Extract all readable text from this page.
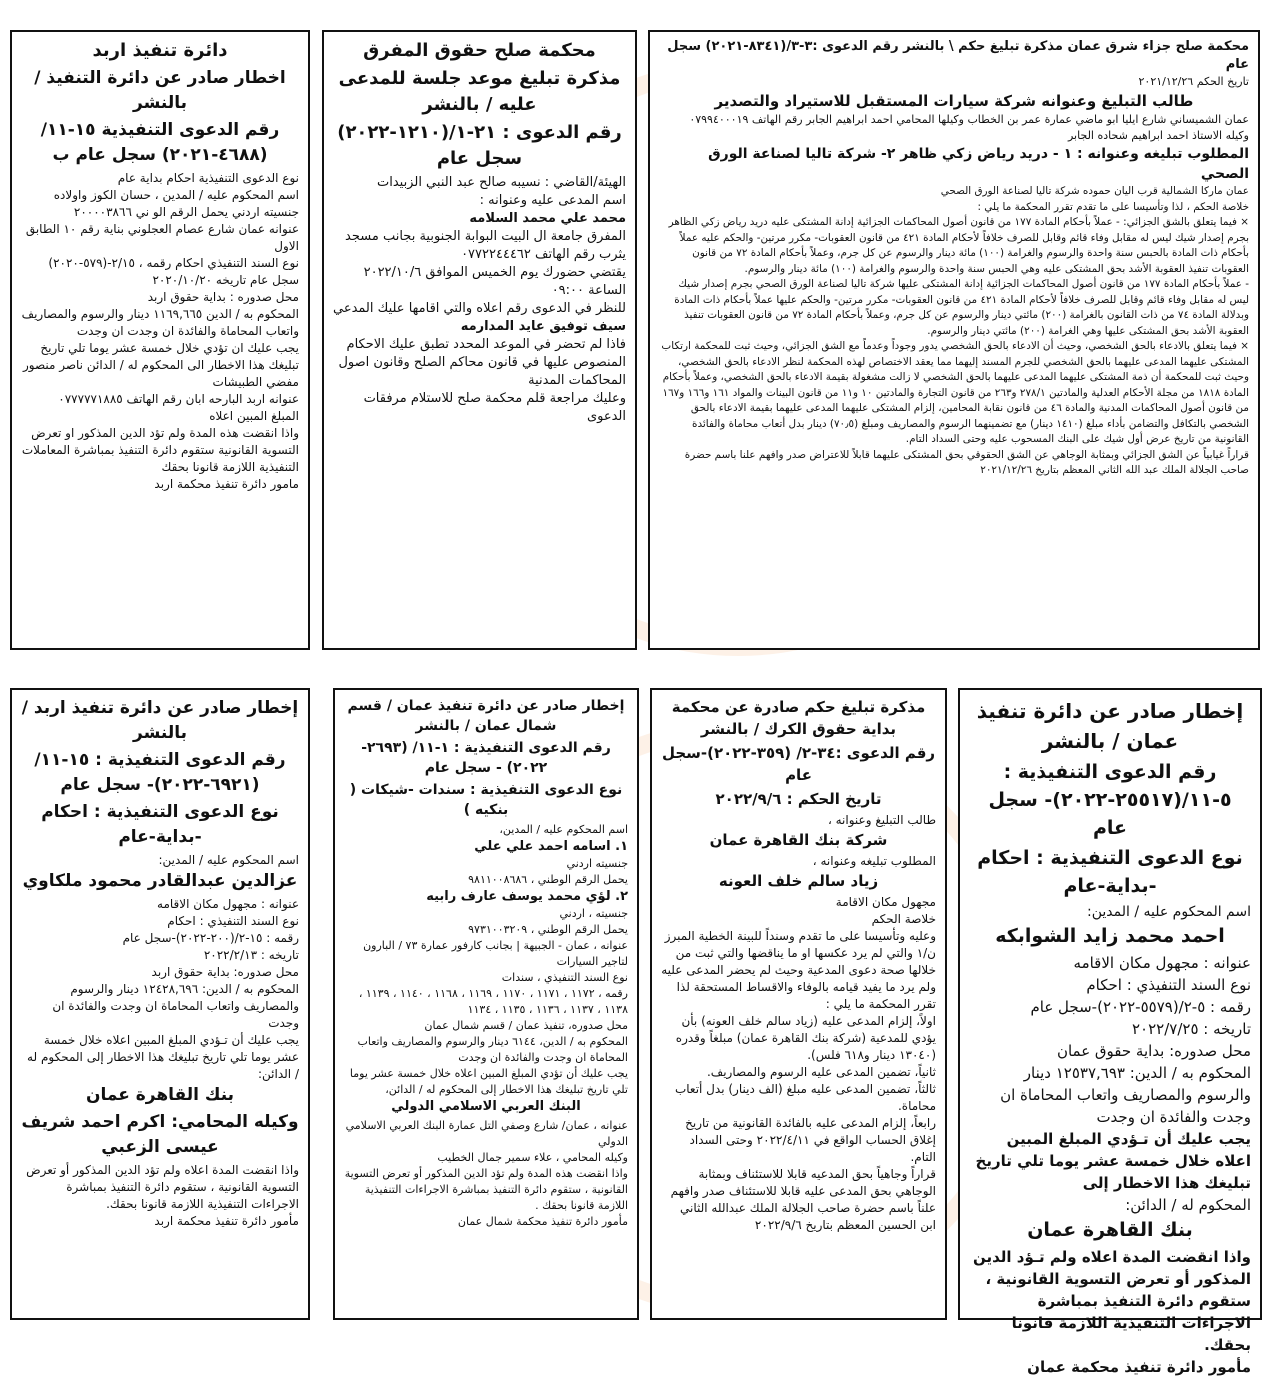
محكمة صلح جزاء شرق عمان مذكرة تبليغ حكم \ بالنشر رقم الدعوى :٣-٣/(٨٣٤١-٢٠٢١) سجل عام

تاريخ الحكم ٢٠٢١/١٢/٢٦

طالب التبليغ وعنوانه شركة سيارات المستقبل للاستيراد والتصدير

عمان الشميساني شارع ايليا ابو ماضي عمارة عمر بن الخطاب وكيلها المحامي احمد ابراهيم الجابر رقم الهاتف ٠٧٩٩٤٠٠٠١٩

وكيله الاستاذ احمد ابراهيم شحاده الجابر

المطلوب تبليغه وعنوانه : ١ - دريد رياض زكي ظاهر ٢- شركة تاليا لصناعة الورق الصحي

عمان ماركا الشمالية قرب اليان حموده شركة تاليا لصناعة الورق الصحي

خلاصة الحكم ، لذا وتأسيسا على ما تقدم تقرر المحكمة ما يلي :

× فيما يتعلق بالشق الجزائي: - عملاً بأحكام المادة ١٧٧ من قانون أصول المحاكمات الجزائية إدانة المشتكى عليه دريد رياض زكي الظاهر بجرم إصدار شيك ليس له مقابل وفاء قائم وقابل للصرف خلافاً لأحكام المادة ٤٢١ من قانون العقوبات- مكرر مرتين- والحكم عليه عملاً بأحكام ذات المادة بالحبس سنة واحدة والرسوم والغرامة (١٠٠) مائة دينار والرسوم عن كل جرم، وعملاً بأحكام المادة ٧٢ من قانون العقوبات تنفيذ العقوبة الأشد بحق المشتكى عليه وهي الحبس سنة واحدة والرسوم والغرامة (١٠٠) مائة دينار والرسوم.

- عملاً بأحكام المادة ١٧٧ من قانون أصول المحاكمات الجزائية إدانة المشتكى عليها شركة تاليا لصناعة الورق الصحي بجرم إصدار شيك ليس له مقابل وفاء قائم وقابل للصرف خلافاً لأحكام المادة ٤٢١ من قانون العقوبات- مكرر مرتين- والحكم عليها عملاً بأحكام ذات المادة وبدلالة المادة ٧٤ من ذات القانون بالغرامة (٢٠٠) مائتي دينار والرسوم عن كل جرم، وعملاً بأحكام المادة ٧٢ من قانون العقوبات تنفيذ العقوبة الأشد بحق المشتكى عليها وهي الغرامة (٢٠٠) مائتي دينار والرسوم.

× فيما يتعلق بالادعاء بالحق الشخصي، وحيث أن الادعاء بالحق الشخصي يدور وجوداً وعدماً مع الشق الجزائي، وحيث ثبت للمحكمة ارتكاب المشتكى عليهما المدعى عليهما بالحق الشخصي للجرم المسند إليهما مما يعقد الاختصاص لهذه المحكمة لنظر الادعاء بالحق الشخصي، وحيث ثبت للمحكمة أن ذمة المشتكى عليهما المدعى عليهما بالحق الشخصي لا زالت مشغولة بقيمة الادعاء بالحق الشخصي، وعملاً بأحكام المادة ١٨١٨ من مجلة الأحكام العدلية والمادتين ٢٧٨/١ و٢٦٣ من قانون التجارة والمادتين ١٠ و١١ من قانون البينات والمواد ١٦١ و١٦٦ و١٦٧ من قانون أصول المحاكمات المدنية والمادة ٤٦ من قانون نقابة المحامين، إلزام المشتكى عليهما المدعى عليهما بقيمة الادعاء بالحق الشخصي بالتكافل والتضامن بأداء مبلغ (١٤١٠ دينار) مع تضمينهما الرسوم والمصاريف ومبلغ (٧٠٫٥) دينار بدل أتعاب محاماة والفائدة القانونية من تاريخ عرض أول شيك على البنك المسحوب عليه وحتى السداد التام.

قراراً غيابياً عن الشق الجزائي وبمثابة الوجاهي عن الشق الحقوقي بحق المشتكى عليهما قابلاً للاعتراض صدر وافهم علنا باسم حضرة صاحب الجلالة الملك عبد الله الثاني المعظم بتاريخ ٢٠٢١/١٢/٢٦

محكمة صلح حقوق المفرق

مذكرة تبليغ موعد جلسة للمدعى عليه / بالنشر

رقم الدعوى : ٢١-١/(١٢١٠-٢٠٢٢) سجل عام

الهيئة/القاضي : نسيبه صالح عبد النبي الزبيدات

اسم المدعى عليه وعنوانه :

محمد علي محمد السلامه

المفرق جامعة ال البيت البوابة الجنوبية بجانب مسجد يثرب رقم الهاتف ٠٧٧٢٢٤٤٤٦٢

يقتضي حضورك يوم الخميس الموافق ٢٠٢٢/١٠/٦ الساعة ٠٩:٠٠

للنظر في الدعوى رقم اعلاه والتي اقامها عليك المدعي

سيف توفيق عايد المدارمه

فاذا لم تحضر في الموعد المحدد تطبق عليك الاحكام المنصوص عليها في قانون محاكم الصلح وقانون اصول المحاكمات المدنية

وعليك مراجعة قلم محكمة صلح للاستلام مرفقات الدعوى

دائرة تنفيذ اربد

اخطار صادر عن دائرة التنفيذ / بالنشر

رقم الدعوى التنفيذية ١٥-١١/ (٤٦٨٨-٢٠٢١) سجل عام ب

نوع الدعوى التنفيذية احكام بداية عام

اسم المحكوم عليه / المدين ، حسان الكوز واولاده جنسيته اردني يحمل الرقم الو ني ٢٠٠٠٠٣٨٦٦

عنوانه عمان شارع عصام العجلوني بناية رقم ١٠ الطابق الاول

نوع السند التنفيذي احكام رقمه ، ٢/١٥-(٥٧٩-٢٠٢٠) سجل عام تاريخه ٢٠٢٠/١٠/٢٠

محل صدوره : بداية حقوق اربد

المحكوم به / الدين ١١٦٩,٦٦٥ دينار والرسوم والمصاريف واتعاب المحاماة والفائدة ان وجدت ان وجدت

يجب عليك ان تؤدي خلال خمسة عشر يوما تلي تاريخ تبليغك هذا الاخطار الى المحكوم له / الدائن ناصر منصور مفضي الطبيشات

عنوانه اربد البارحه ابان رقم الهاتف ٠٧٧٧٧٧١٨٨٥

المبلغ المبين اعلاه

واذا انقضت هذه المدة ولم تؤد الدين المذكور او تعرض التسوية القانونية ستقوم دائرة التنفيذ بمباشرة المعاملات التنفيذية اللازمة قانونا بحقك

مامور دائرة تنفيذ محكمة اربد

إخطار صادر عن دائرة تنفيذ عمان / بالنشر

رقم الدعوى التنفيذية : ٥-١١/(٢٥٥١٧-٢٠٢٢)- سجل عام

نوع الدعوى التنفيذية : احكام -بداية-عام

اسم المحكوم عليه / المدين:

احمد محمد زايد الشوابكه

عنوانه : مجهول مكان الاقامه

نوع السند التنفيذي : احكام

رقمه : ٥-٢/(٥٥٧٩-٢٠٢٢)-سجل عام

تاريخه : ٢٠٢٢/٧/٢٥

محل صدوره: بداية حقوق عمان

المحكوم به / الدين: ١٢٥٣٧,٦٩٣ دينار والرسوم والمصاريف واتعاب المحاماة ان وجدت والفائدة ان وجدت

يجب عليك أن تـؤدي المبلغ المبين اعلاه خلال خمسة عشر يوما تلي تاريخ تبليغك هذا الاخطار إلى

المحكوم له / الدائن:

بنك القاهرة عمان

واذا انقضت المدة اعلاه ولم تـؤد الدين المذكور أو تعرض التسوية القانونية ، ستقوم دائرة التنفيذ بمباشرة الاجراءات التنفيذية اللازمة قانونا بحقك.

مأمور دائرة تنفيذ محكمة عمان

مذكرة تبليغ حكم صادرة عن محكمة بداية حقوق الكرك / بالنشر

رقم الدعوى :٣٤-٢/ (٣٥٩-٢٠٢٢)-سجل عام

تاريخ الحكم : ٢٠٢٢/٩/٦

طالب التبليغ وعنوانه ،

شركة بنك القاهرة عمان

المطلوب تبليغه وعنوانه ،

زياد سالم خلف العونه

مجهول مكان الاقامة

خلاصة الحكم

وعليه وتأسيسا على ما تقدم وسنداً للبينة الخطية المبرز ن/١ والتي لم يرد عكسها او ما يناقضها والتي ثبت من خلالها صحة دعوى المدعية وحيث لم يحضر المدعى عليه ولم يرد ما يفيد قيامه بالوفاء والاقساط المستحقة لذا تقرر المحكمة ما يلي :

اولاً، إلزام المدعى عليه (زياد سالم خلف العونه) بأن يؤدي للمدعية (شركة بنك القاهرة عمان) مبلغاً وقدره (١٣٠٤٠ دينار و٦١٨ فلس).

ثانياً، تضمين المدعى عليه الرسوم والمصاريف.

ثالثاً، تضمين المدعى عليه مبلغ (الف دينار) بدل أتعاب محاماة.

رابعاً، إلزام المدعى عليه بالفائدة القانونية من تاريخ إغلاق الحساب الواقع في ٢٠٢٢/٤/١١ وحتى السداد التام.

قراراً وجاهياً بحق المدعيه قابلا للاستئناف وبمثابة الوجاهي بحق المدعى عليه قابلا للاستئناف صدر وافهم علناً باسم حضرة صاحب الجلالة الملك عبدالله الثاني ابن الحسين المعظم بتاريخ ٢٠٢٢/٩/٦

إخطار صادر عن دائرة تنفيذ عمان / قسم شمال عمان / بالنشر

رقم الدعوى التنفيذية : ١-١١/ (٢٦٩٣- ٢٠٢٢) - سجل عام

نوع الدعوى التنفيذية : سندات -شيكات ( بنكيه )

اسم المحكوم عليه / المدين،

١. اسامه احمد علي علي

جنسيته اردني

يحمل الرقم الوطني ، ٩٨١١٠٠٨٦٨٦

٢. لؤي محمد يوسف عارف رابيه

جنسيته ، اردني

يحمل الرقم الوطني ، ٩٧٣١٠٠٣٢٠٩

عنوانه ، عمان - الجبيهة | بجانب كارفور عمارة ٧٣ / البارون لتاجير السيارات

نوع السند التنفيذي ، سندات

رقمه ، ١١٧٢ ، ١١٧١ ، ١١٧٠ ، ١١٦٩ ، ١١٦٨ ، ١١٤٠ ، ١١٣٩ ، ١١٣٨ ، ١١٣٧ ، ١١٣٦ ، ١١٣٥ ، ١١٣٤

محل صدوره، تنفيذ عمان / قسم شمال عمان

المحكوم به / الدين، ٦١٤٤ دينار والرسوم والمصاريف واتعاب المحاماة ان وجدت والفائدة ان وجدت

يجب عليك أن تؤدي المبلغ المبين اعلاه خلال خمسة عشر يوما تلي تاريخ تبليغك هذا الاخطار إلى المحكوم له / الدائن،

البنك العربي الاسلامي الدولي

عنوانه ، عمان/ شارع وصفي التل عمارة البنك العربي الاسلامي الدولي

وكيله المحامي ، علاء سمير جمال الخطيب

واذا انقضت هذه المدة ولم تؤد الدين المذكور أو تعرض التسوية القانونية ، ستقوم دائرة التنفيذ بمباشرة الاجراءات التنفيذية اللازمة قانونا بحقك .

مأمور دائرة تنفيذ محكمة شمال عمان

إخطار صادر عن دائرة تنفيذ اربد / بالنشر

رقم الدعوى التنفيذية : ١٥-١١/ (٦٩٢١-٢٠٢٢)- سجل عام

نوع الدعوى التنفيذية : احكام -بداية-عام

اسم المحكوم عليه / المدين:

عزالدين عبدالقادر محمود ملكاوي

عنوانه : مجهول مكان الاقامه

نوع السند التنفيذي : احكام

رقمه : ١٥-٢/(٢٠٠-٢٠٢٢)-سجل عام

تاريخه : ٢٠٢٢/٢/١٣

محل صدوره: بداية حقوق اربد

المحكوم به / الدين: ١٢٤٢٨,٦٩٦ دينار والرسوم والمصاريف واتعاب المحاماة ان وجدت والفائدة ان وجدت

يجب عليك أن تـؤدي المبلغ المبين اعلاه خلال خمسة عشر يوما تلي تاريخ تبليغك هذا الاخطار إلى المحكوم له / الدائن:

بنك القاهرة عمان

وكيله المحامي: اكرم احمد شريف عيسى الزعبي

واذا انقضت المدة اعلاه ولم تؤد الدين المذكور أو تعرض التسوية القانونية ، ستقوم دائرة التنفيذ بمباشرة الاجراءات التنفيذية اللازمة قانونا بحقك.

مأمور دائرة تنفيذ محكمة اربد
